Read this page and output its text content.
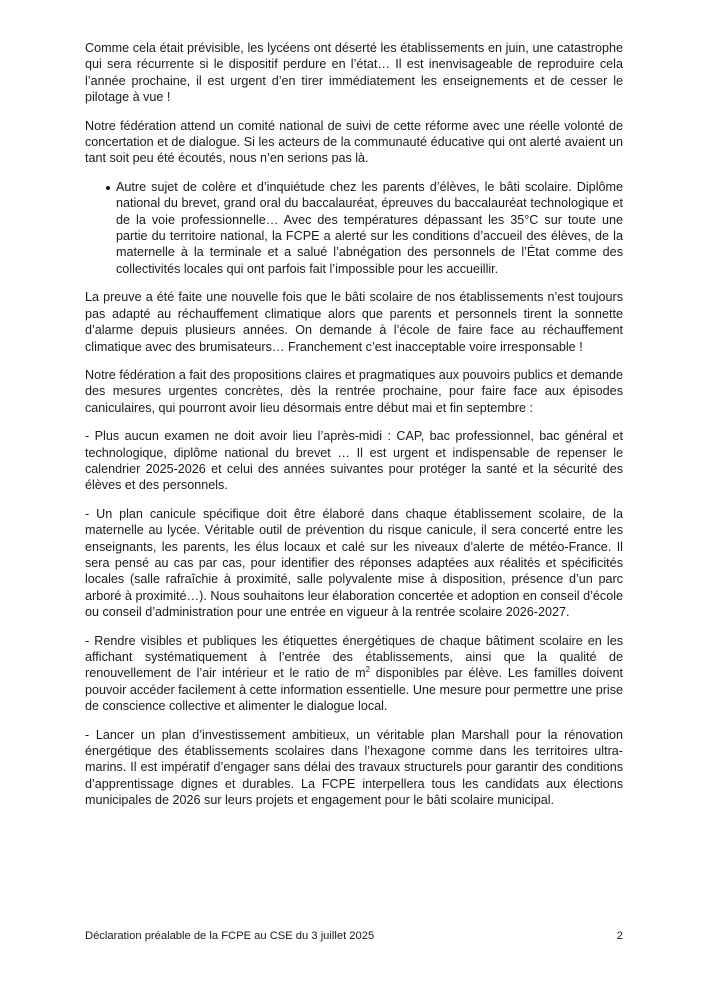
Comme cela était prévisible, les lycéens ont déserté les établissements en juin, une catastrophe qui sera récurrente si le dispositif perdure en l’état… Il est inenvisageable de reproduire cela l’année prochaine, il est urgent d’en tirer immédiatement les enseignements et de cesser le pilotage à vue !

Notre fédération attend un comité national de suivi de cette réforme avec une réelle volonté de concertation et de dialogue. Si les acteurs de la communauté éducative qui ont alerté avaient un tant soit peu été écoutés, nous n’en serions pas là.

Autre sujet de colère et d’inquiétude chez les parents d’élèves, le bâti scolaire. Diplôme national du brevet, grand oral du baccalauréat, épreuves du baccalauréat technologique et de la voie professionnelle… Avec des températures dépassant les 35°C sur toute une partie du territoire national, la FCPE a alerté sur les conditions d’accueil des élèves, de la maternelle à la terminale et a salué l’abnégation des personnels de l’État comme des collectivités locales qui ont parfois fait l’impossible pour les accueillir.

La preuve a été faite une nouvelle fois que le bâti scolaire de nos établissements n’est toujours pas adapté au réchauffement climatique alors que parents et personnels tirent la sonnette d’alarme depuis plusieurs années. On demande à l’école de faire face au réchauffement climatique avec des brumisateurs… Franchement c’est inacceptable voire irresponsable !

Notre fédération a fait des propositions claires et pragmatiques aux pouvoirs publics et demande des mesures urgentes concrètes, dès la rentrée prochaine, pour faire face aux épisodes caniculaires, qui pourront avoir lieu désormais entre début mai et fin septembre :

- Plus aucun examen ne doit avoir lieu l’après-midi : CAP, bac professionnel, bac général et technologique, diplôme national du brevet … Il est urgent et indispensable de repenser le calendrier 2025-2026 et celui des années suivantes pour protéger la santé et la sécurité des élèves et des personnels.

- Un plan canicule spécifique doit être élaboré dans chaque établissement scolaire, de la maternelle au lycée. Véritable outil de prévention du risque canicule, il sera concerté entre les enseignants, les parents, les élus locaux et calé sur les niveaux d’alerte de météo-France. Il sera pensé au cas par cas, pour identifier des réponses adaptées aux réalités et spécificités locales (salle rafraîchie à proximité, salle polyvalente mise à disposition, présence d’un parc arboré à proximité…). Nous souhaitons leur élaboration concertée et adoption en conseil d’école ou conseil d’administration pour une entrée en vigueur à la rentrée scolaire 2026-2027.

- Rendre visibles et publiques les étiquettes énergétiques de chaque bâtiment scolaire en les affichant systématiquement à l’entrée des établissements, ainsi que la qualité de renouvellement de l’air intérieur et le ratio de $m^2$ disponibles par élève. Les familles doivent pouvoir accéder facilement à cette information essentielle. Une mesure pour permettre une prise de conscience collective et alimenter le dialogue local.

- Lancer un plan d’investissement ambitieux, un véritable plan Marshall pour la rénovation énergétique des établissements scolaires dans l’hexagone comme dans les territoires ultra-marins. Il est impératif d’engager sans délai des travaux structurels pour garantir des conditions d’apprentissage dignes et durables. La FCPE interpellera tous les candidats aux élections municipales de 2026 sur leurs projets et engagement pour le bâti scolaire municipal.

Déclaration préalable de la FCPE au CSE du 3 juillet 2025	2
